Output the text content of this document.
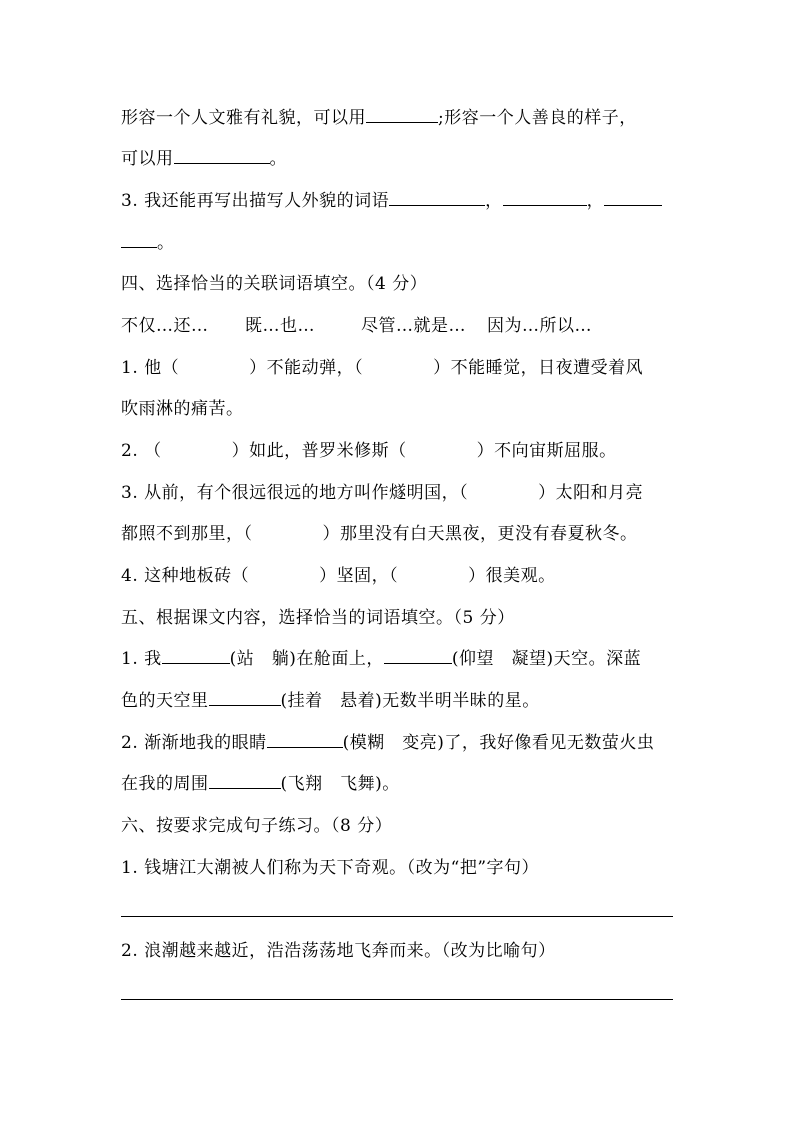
形容一个人文雅有礼貌，可以用	;形容一个人善良的样子，
可以用	。
3. 我还能再写出描写人外貌的词语	，	，
。
四、选择恰当的关联词语填空。（4 分）
不仅…还… 既…也…	尽管…就是… 因为…所以…
1. 他（　　　　）不能动弹，（　　　　）不能睡觉，日夜遭受着风
吹雨淋的痛苦。
2. （　　　　）如此，普罗米修斯（　　　　）不向宙斯屈服。
3. 从前，有个很远很远的地方叫作燧明国，（　　　　）太阳和月亮
都照不到那里，（　　　　）那里没有白天黑夜，更没有春夏秋冬。
4. 这种地板砖（　　　　）坚固，（　　　　）很美观。
五、根据课文内容，选择恰当的词语填空。（5 分）
1. 我	(站　躺)在舱面上，	(仰望　凝望)天空。深蓝
色的天空里	(挂着　悬着)无数半明半昧的星。
2. 渐渐地我的眼睛	(模糊　变亮)了，我好像看见无数萤火虫
在我的周围	(飞翔　飞舞)。
六、按要求完成句子练习。（8 分）
1. 钱塘江大潮被人们称为天下奇观。（改为“把”字句）
2. 浪潮越来越近，浩浩荡荡地飞奔而来。（改为比喻句）
